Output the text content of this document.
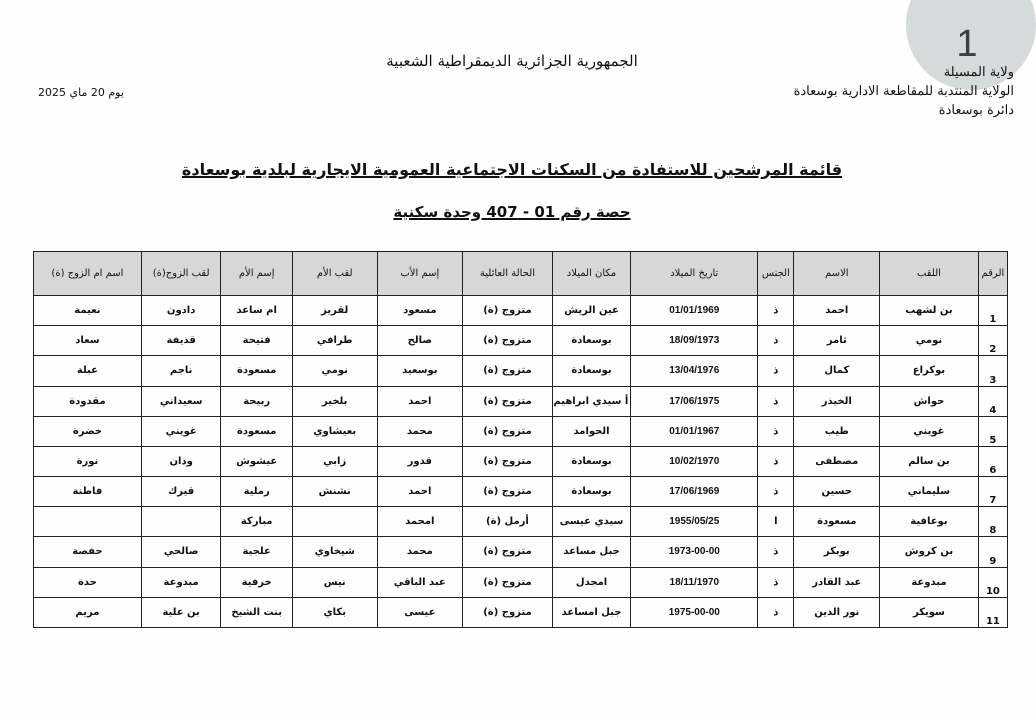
1
الجمهورية الجزائرية الديمقراطية الشعبية
يوم 20 ماي 2025
ولاية المسيلة
الولاية المنتدبة للمقاطعة الادارية بوسعادة
دائرة بوسعادة
قائمة المرشحين للاستفادة من السكنات الاجتماعية العمومية الايجارية لبلدية بوسعادة
حصة رقم 01 - 407 وحدة سكنية
الرقم	اللقب	الاسم	الجنس	تاريخ الميلاد	مكان الميلاد	الحالة العائلية	إسم الأب	لقب الأم	إسم الأم	لقب الزوج(ة)	اسم ام الزوج (ة)
1	بن لشهب	احمد	ذ	01/01/1969	عين الريش	متزوج (ة)	مسعود	لقريز	ام ساعد	دادون	نعيمة
2	نومي	ثامر	ذ	18/09/1973	بوسعادة	متزوج (ة)	صالح	طرافي	فتيحة	قذيفة	سعاد
3	بوكراع	كمال	ذ	13/04/1976	بوسعادة	متزوج (ة)	بوسعيد	نومي	مسعودة	ناجم	عبلة
4	حواش	الخيذر	ذ	17/06/1975	أ سيدي ابراهيم	متزوج (ة)	احمد	بلخير	ربيحة	سعيداني	مقدودة
5	غويني	طيب	ذ	01/01/1967	الحوامد	متزوج (ة)	محمد	بعيشاوي	مسعودة	غويني	خضرة
6	بن سالم	مصطفى	ذ	10/02/1970	بوسعادة	متزوج (ة)	قدور	زابي	عيشوش	وذان	نورة
7	سليماني	حسين	ذ	17/06/1969	بوسعادة	متزوج (ة)	احمد	نشنش	رملية	قيرك	فاطنة
8	بوعافية	مسعودة	ا	1955/05/25	سيدي عيسى	أرمل (ة)	امحمد		مباركة		
9	بن كروش	بوبكر	ذ	1973-00-00	جبل مساعد	متزوج (ة)	محمد	شيخاوي	علجية	صالحي	حفصة
10	مبدوعة	عبد القادر	ذ	18/11/1970	امجدل	متزوج (ة)	عبد الباقي	نيس	خرفية	مبدوعة	حدة
11	سويكر	نور الدين	ذ	1975-00-00	جبل امساعد	متزوج (ة)	عيسى	بكاي	بنت الشيخ	بن علية	مريم
